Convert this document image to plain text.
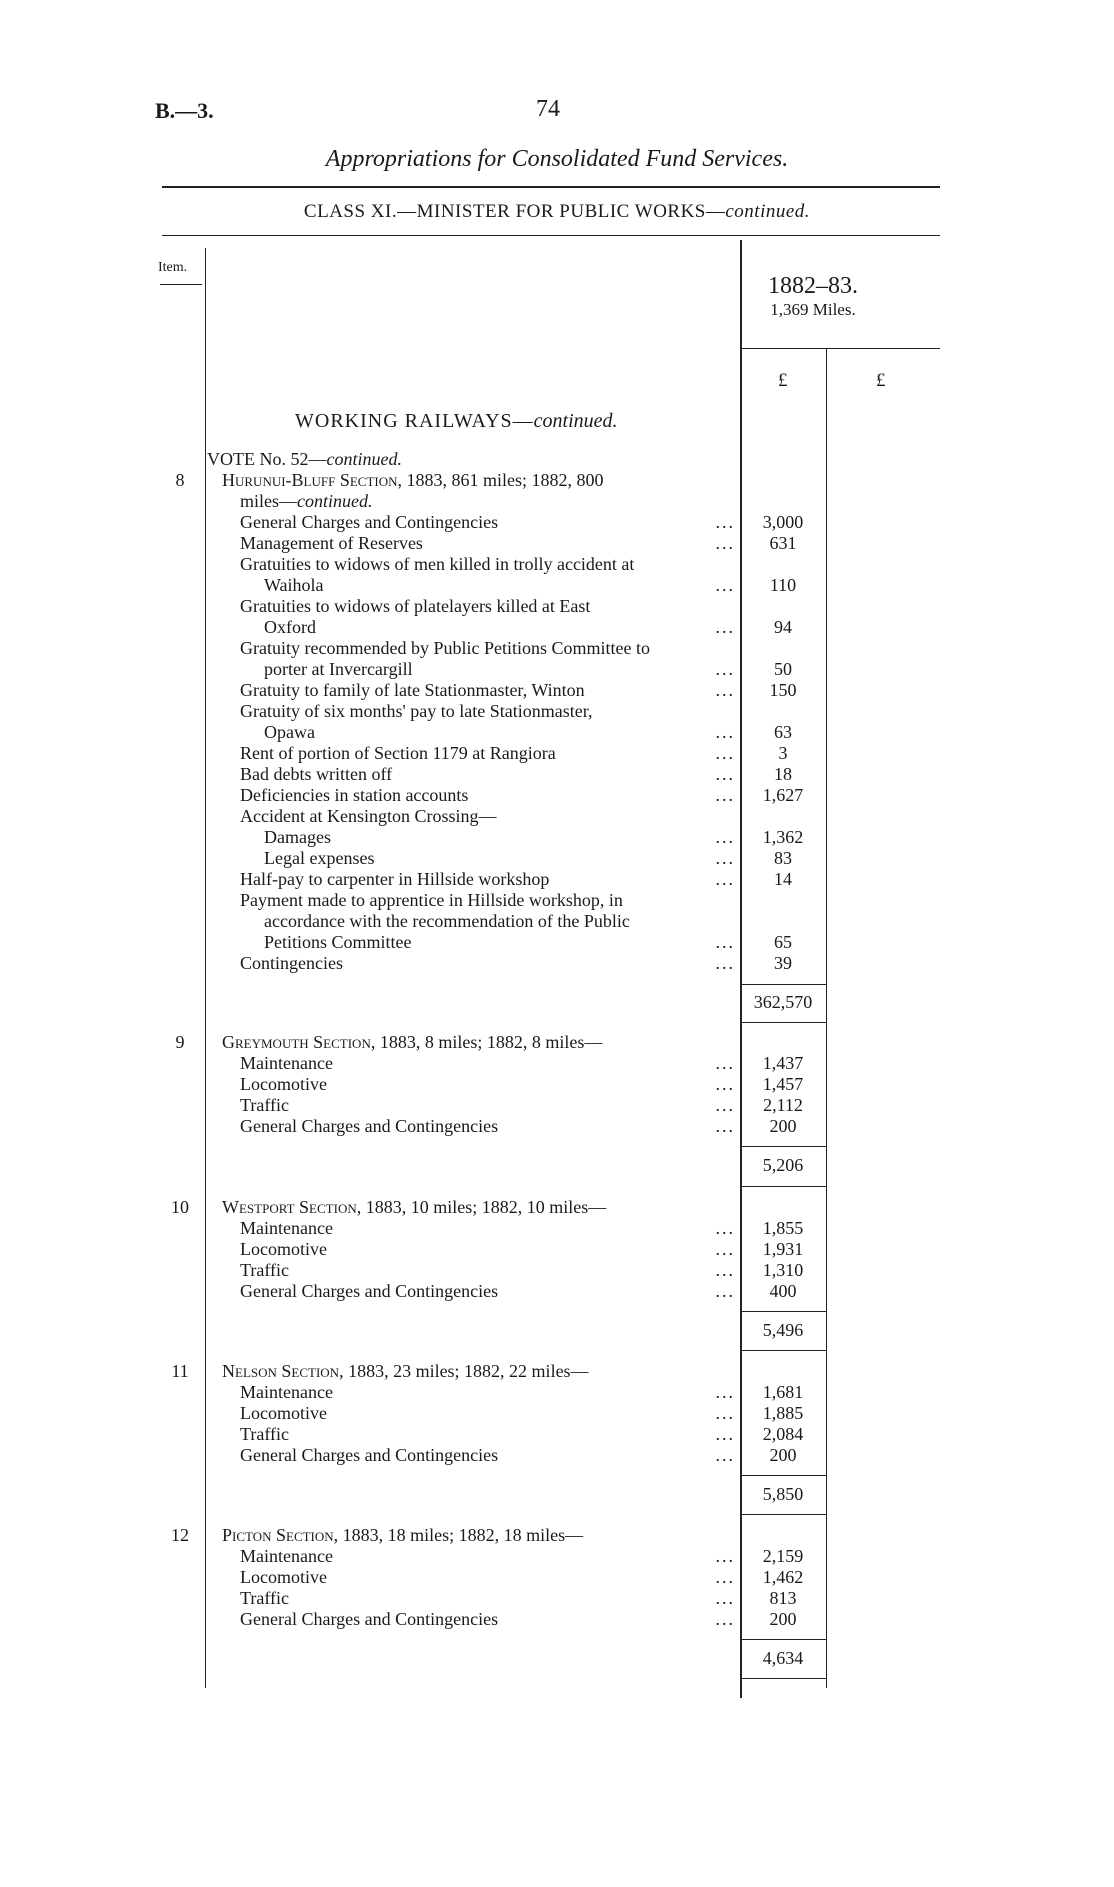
B.—3.	74
Appropriations for Consolidated Fund Services.
CLASS XI.—MINISTER FOR PUBLIC WORKS—continued.
Item.
1882–83.
1,369 Miles.
£	£
WORKING RAILWAYS—continued.
VOTE No. 52—continued.
8	Hurunui-Bluff Section, 1883, 861 miles; 1882, 800
miles—continued.
General Charges and Contingencies	...	3,000
Management of Reserves	...	631
Gratuities to widows of men killed in trolly accident at
Waihola	...	110
Gratuities to widows of platelayers killed at East
Oxford	...	94
Gratuity recommended by Public Petitions Committee to
porter at Invercargill	...	50
Gratuity to family of late Stationmaster, Winton	...	150
Gratuity of six months' pay to late Stationmaster,
Opawa	...	63
Rent of portion of Section 1179 at Rangiora	...	3
Bad debts written off	...	18
Deficiencies in station accounts	...	1,627
Accident at Kensington Crossing—
Damages	...	1,362
Legal expenses	...	83
Half-pay to carpenter in Hillside workshop	...	14
Payment made to apprentice in Hillside workshop, in
accordance with the recommendation of the Public
Petitions Committee	...	65
Contingencies	...	39
362,570
9	Greymouth Section, 1883, 8 miles; 1882, 8 miles—
Maintenance	...	1,437
Locomotive	...	1,457
Traffic	...	2,112
General Charges and Contingencies	...	200
5,206
10	Westport Section, 1883, 10 miles; 1882, 10 miles—
Maintenance	...	1,855
Locomotive	...	1,931
Traffic	...	1,310
General Charges and Contingencies	...	400
5,496
11	Nelson Section, 1883, 23 miles; 1882, 22 miles—
Maintenance	...	1,681
Locomotive	...	1,885
Traffic	...	2,084
General Charges and Contingencies	...	200
5,850
12	Picton Section, 1883, 18 miles; 1882, 18 miles—
Maintenance	...	2,159
Locomotive	...	1,462
Traffic	...	813
General Charges and Contingencies	...	200
4,634
